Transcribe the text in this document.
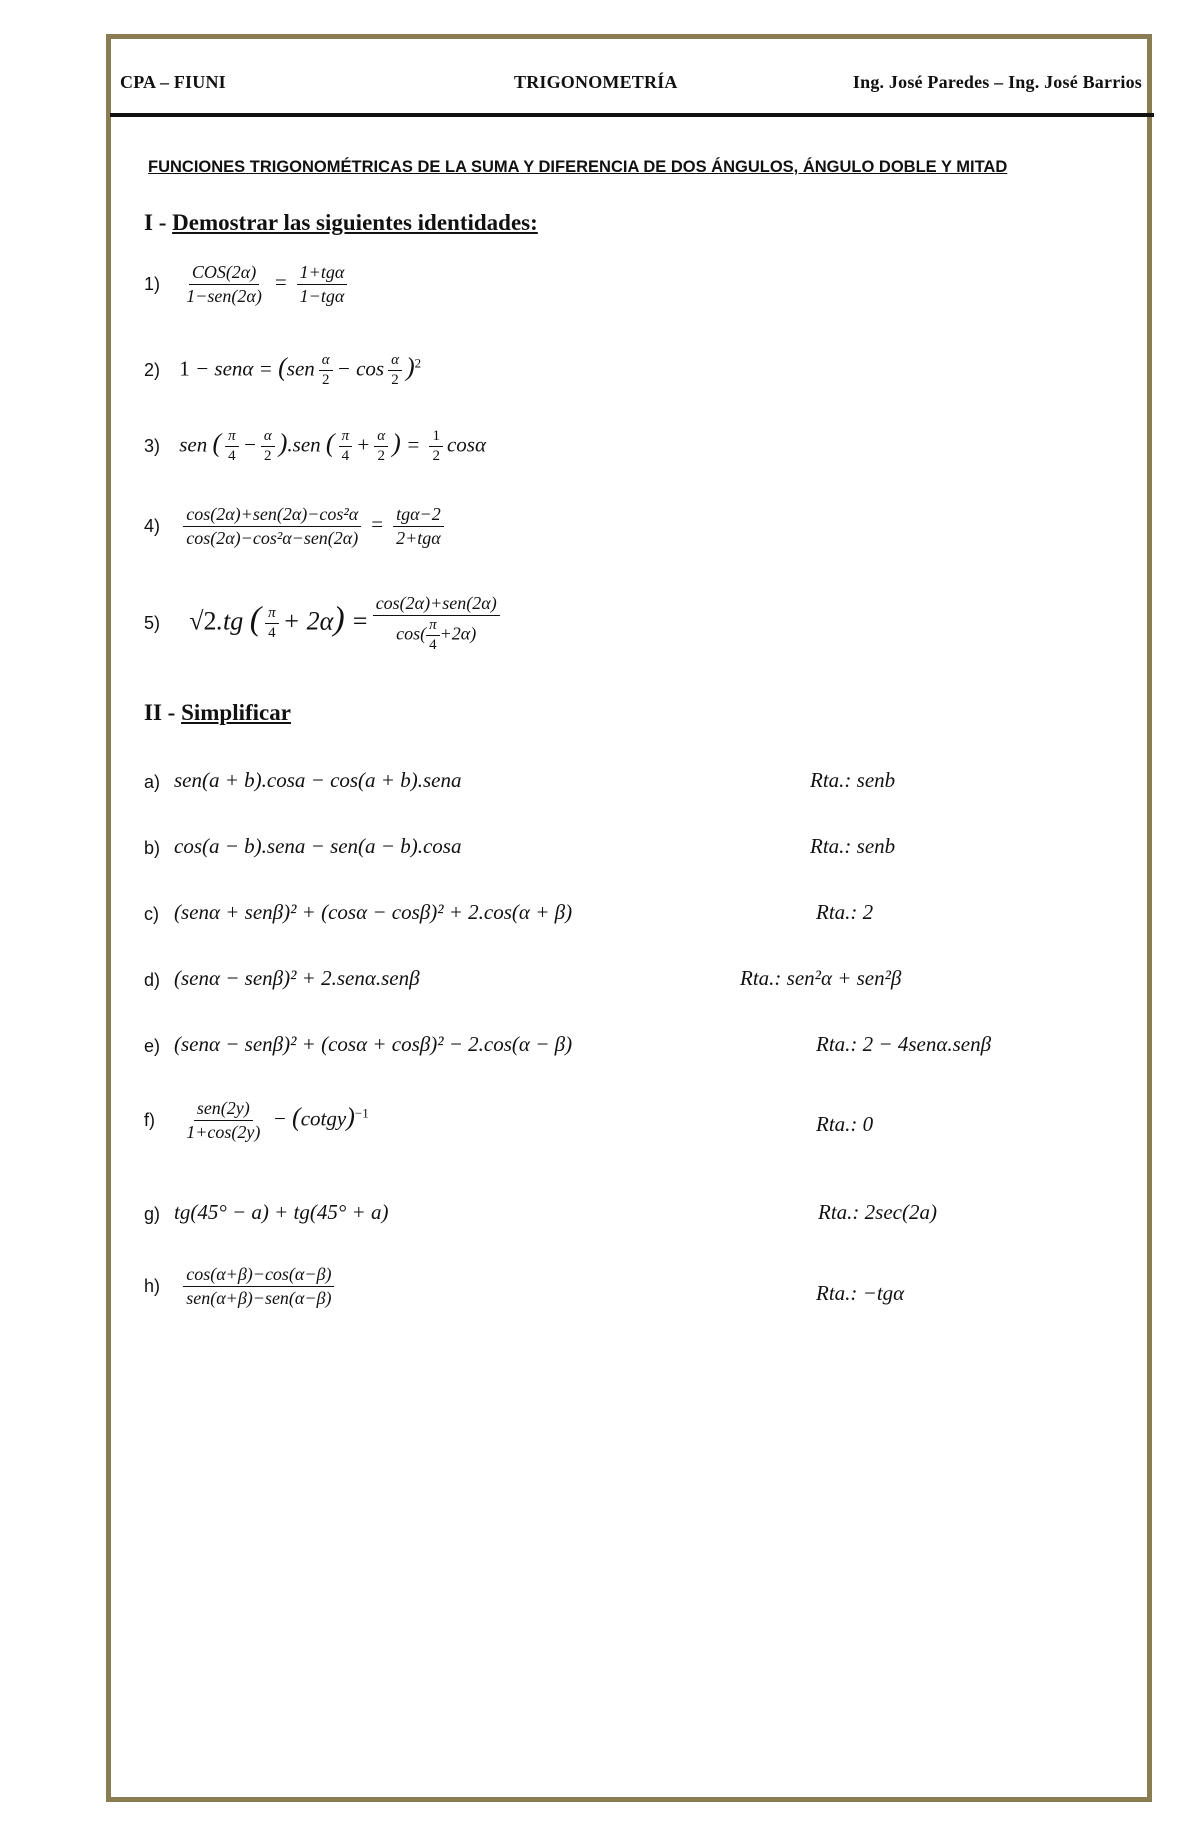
CPA – FIUNI	TRIGONOMETRÍA	Ing. José Paredes – Ing. José Barrios
FUNCIONES TRIGONOMÉTRICAS DE LA SUMA Y DIFERENCIA DE DOS ÁNGULOS, ÁNGULO DOBLE Y MITAD
I - Demostrar las siguientes identidades:
$1) \frac{\text{COS(2α)}}{\text{1−sen(2α)}} = \frac{\text{1+tgα}}{\text{1−tgα}}$
2) $1 - sen\alpha = (sen \frac{\alpha}{2} - \cos \frac{\alpha}{2} )^2$
3) sen ( $\frac{\pi}{4} - \frac{\alpha}{2} ).sen$ ( $\frac{\pi}{4} + \frac{\alpha}{2}$ ) = $\frac{1}{2}$ cosα
$4) \frac{\text{cos(2α)+sen(2α)−cos²α}}{\text{cos(2α)−cos²α−sen(2α)}} = \frac{\text{tgα−2}}{\text{2+tgα}}$
5) √2.tg ( $\frac{\pi}{4} + 2\alpha) = \frac{\text{cos(2α)+sen(2α)}}{\cos( \frac{\pi}{4} +2\alpha)}$
II - Simplificar
a) sen(a + b).cosa − cos(a + b).sena	Rta.: senb
b) cos(a − b).sena − sen(a − b).cosa	Rta.: senb
c) (senα + senβ)² + (cosα − cosβ)² + 2.cos(α + β)	Rta.: 2
d) (senα − senβ)² + 2.senα.senβ	Rta.: sen²α + sen²β
e) (senα − senβ)² + (cosα + cosβ)² − 2.cos(α − β)	Rta.: 2 − 4senα.senβ
$f) \frac{\text{sen(2y)}}{1+\cos(2y)}$ − (cotgy)$^{-1}$	Rta.: 0
g) tg(45° − a) + tg(45° + a)	Rta.: 2sec(2a)
$h) \frac{\cos(\alpha+\beta)-\cos(\alpha-\beta)}{\text{sen(α+β)−sen(α−β)}}$	Rta.: −tgα
